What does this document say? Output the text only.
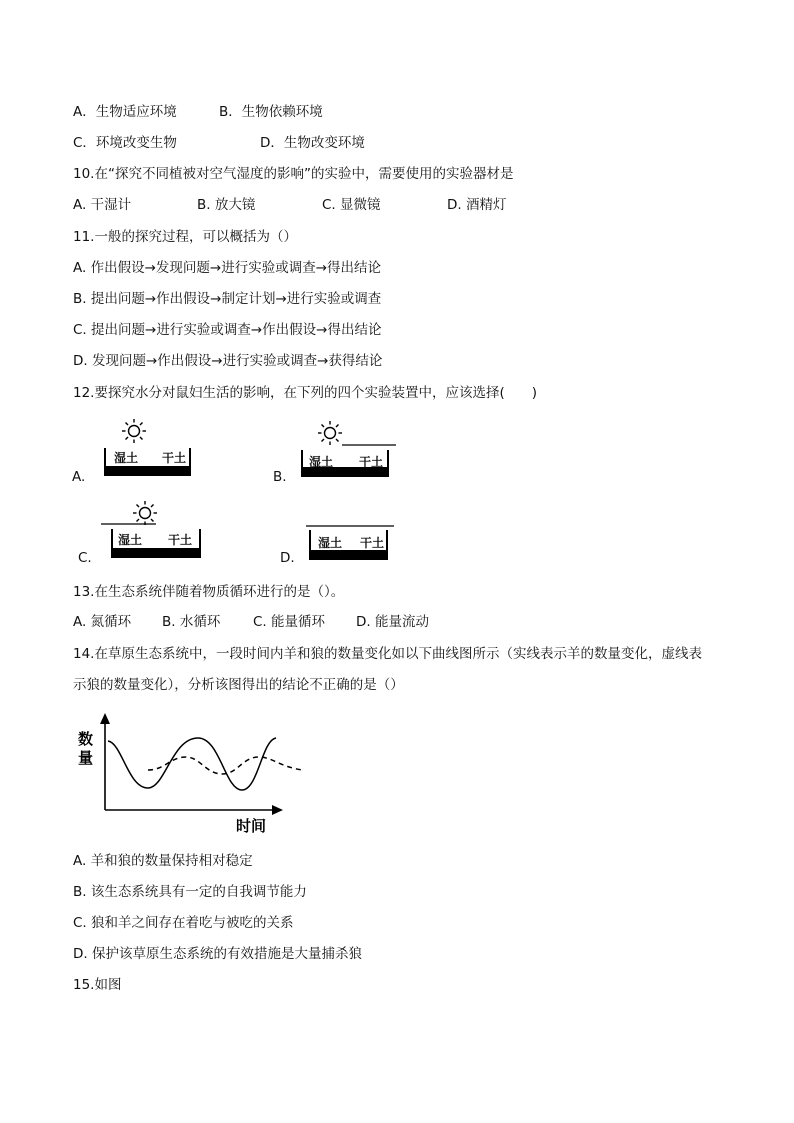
A．生物适应环境	B．生物依赖环境
C．环境改变生物	D．生物改变环境
10.在“探究不同植被对空气湿度的影响”的实验中，需要使用的实验器材是
A. 干湿计	B. 放大镜	C. 显微镜	D. 酒精灯
11.一般的探究过程，可以概括为（）
A. 作出假设→发现问题→进行实验或调查→得出结论
B. 提出问题→作出假设→制定计划→进行实验或调查
C. 提出问题→进行实验或调查→作出假设→得出结论
D. 发现问题→作出假设→进行实验或调查→获得结论
12.要探究水分对鼠妇生活的影响，在下列的四个实验装置中，应该选择(　　)
A.
湿土 干土
B.
湿土 干土
C.
湿土 干土
D.
湿土 干土
13.在生态系统伴随着物质循环进行的是（）。
A. 氮循环 B. 水循环 C. 能量循环 D. 能量流动
14.在草原生态系统中，一段时间内羊和狼的数量变化如以下曲线图所示（实线表示羊的数量变化，虚线表
示狼的数量变化），分析该图得出的结论不正确的是（）
数
量
时间
A. 羊和狼的数量保持相对稳定
B. 该生态系统具有一定的自我调节能力
C. 狼和羊之间存在着吃与被吃的关系
D. 保护该草原生态系统的有效措施是大量捕杀狼
15.如图
